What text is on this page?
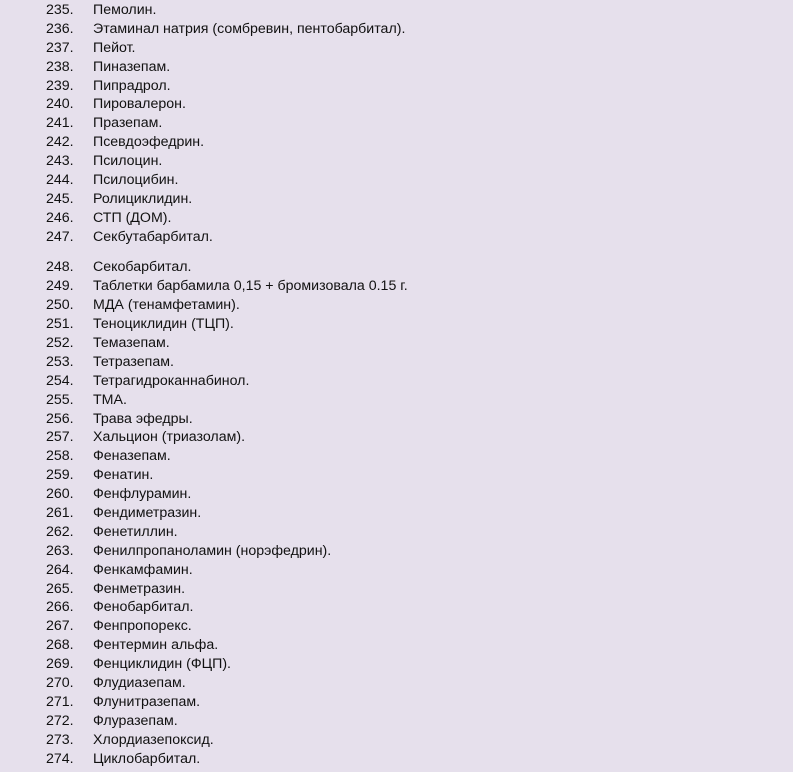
235. Пемолин.
236. Этаминал натрия (сомбревин, пентобарбитал).
237. Пейот.
238. Пиназепам.
239. Пипрадрол.
240. Пировалерон.
241. Празепам.
242. Псевдоэфедрин.
243. Псилоцин.
244. Псилоцибин.
245. Ролициклидин.
246. СТП (ДОМ).
247. Секбутабарбитал.
248. Секобарбитал.
249. Таблетки барбамила 0,15 + бромизовала 0.15 г.
250. МДА (тенамфетамин).
251. Теноциклидин (ТЦП).
252. Темазепам.
253. Тетразепам.
254. Тетрагидроканнабинол.
255. ТМА.
256. Трава эфедры.
257. Хальцион (триазолам).
258. Феназепам.
259. Фенатин.
260. Фенфлурамин.
261. Фендиметразин.
262. Фенетиллин.
263. Фенилпропаноламин (норэфедрин).
264. Фенкамфамин.
265. Фенметразин.
266. Фенобарбитал.
267. Фенпропорекс.
268. Фентермин альфа.
269. Фенциклидин (ФЦП).
270. Флудиазепам.
271. Флунитразепам.
272. Флуразепам.
273. Хлордиазепоксид.
274. Циклобарбитал.
